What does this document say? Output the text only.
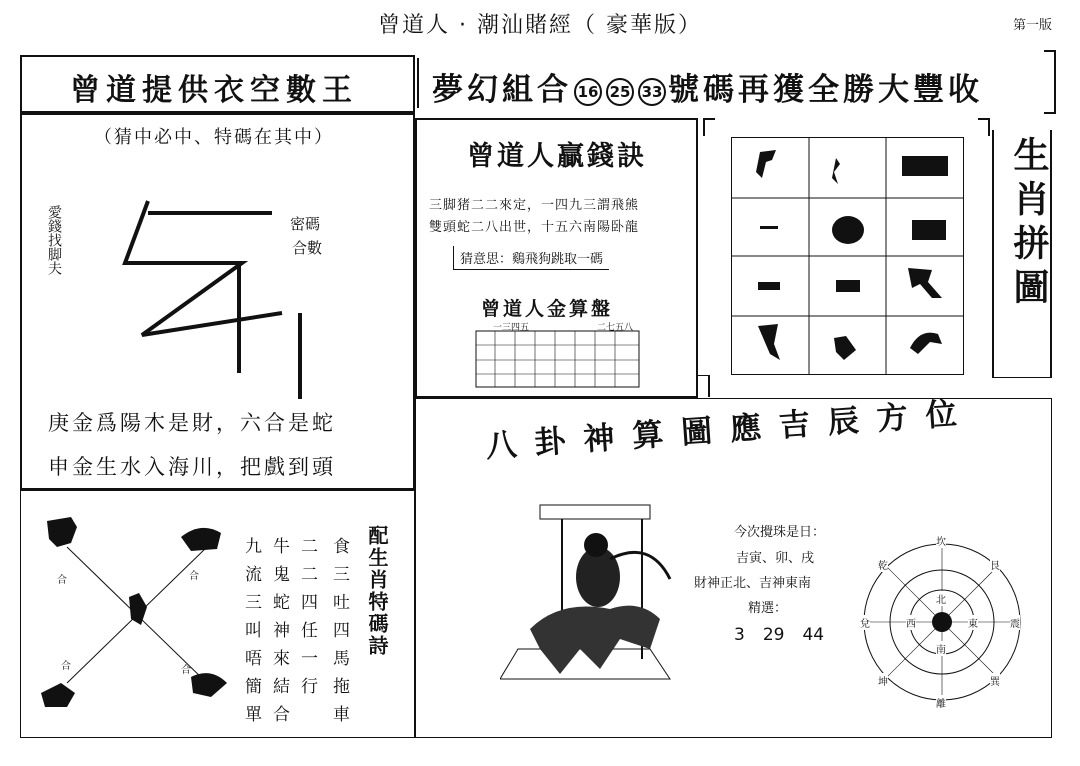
曾道人 · 潮汕賭經（ 豪華版）	第一版
曾道提供衣空數王
（猜中必中、特碼在其中）
愛錢找脚夫	密碼
合數
庚金爲陽木是財，六合是蛇
申金生水入海川，把戲到頭
夢幻組合 16 25 33 號碼再獲全勝大豐收
曾道人贏錢訣
三脚猪二二來定，一四九三謂飛熊
雙頭蛇二八出世，十五六南陽卧龍
猜意思：鷄飛狗跳取一碼
曾道人金算盤
一三四五	二七五八
生肖拼圖
八卦神算圖應吉辰方位
今次攪珠是日：
吉寅、卯、戌
財神正北、吉神東南
精選：
3 29 44
坎
艮
震
巽
離
坤
兌
乾
北
東
南
西
合	合
合	合
九流三叫唔簡單
牛鬼蛇神來結合
二二四任一行
食三吐四馬拖車
配生肖特碼詩
